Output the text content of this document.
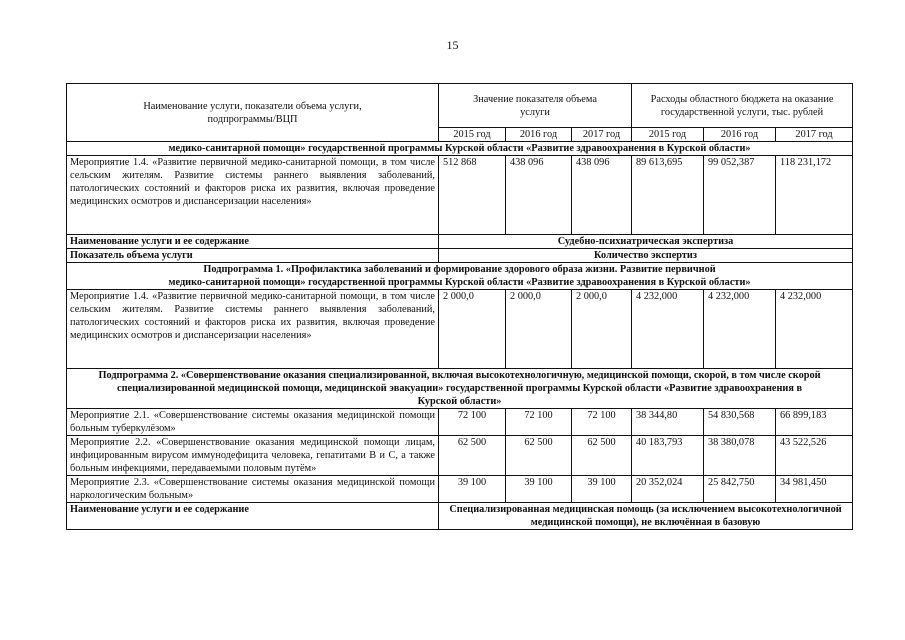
15
Наименование услуги, показатели объема услуги, подпрограммы/ВЦП	Значение показателя объема услуги			Расходы областного бюджета на оказание государственной услуги, тыс. рублей		
	2015 год	2016 год	2017 год	2015 год	2016 год	2017 год
медико-санитарной помощи» государственной программы Курской области «Развитие здравоохранения в Курской области»						
Мероприятие 1.4. «Развитие первичной медико-санитарной помощи, в том числе сельским жителям. Развитие системы раннего выявления заболеваний, патологических состояний и факторов риска их развития, включая проведение медицинских осмотров и диспансеризации населения»	512 868	438 096	438 096	89 613,695	99 052,387	118 231,172
Наименование услуги и ее содержание	Судебно-психиатрическая экспертиза					
Показатель объема услуги	Количество экспертиз					

Подпрограмма 1. «Профилактика заболеваний и формирование здорового образа жизни. Развитие первичной
медико-санитарной помощи» государственной программы Курской области «Развитие здравоохранения в Курской области»						

Мероприятие 1.4. «Развитие первичной медико-санитарной помощи, в том числе сельским жителям. Развитие системы раннего выявления заболеваний, патологических состояний и факторов риска их развития, включая проведение медицинских осмотров и диспансеризации населения»	2 000,0	2 000,0	2 000,0	4 232,000	4 232,000	4 232,000
Подпрограмма 2. «Совершенствование оказания специализированной, включая высокотехнологичную, медицинской помощи, скорой, в том числе скорой специализированной медицинской помощи, медицинской эвакуации» государственной программы Курской области «Развитие здравоохранения в Курской области»						
Мероприятие 2.1. «Совершенствование системы оказания медицинской помощи больным туберкулёзом»	72 100	72 100	72 100	38 344,80	54 830,568	66 899,183
Мероприятие 2.2. «Совершенствование оказания медицинской помощи лицам, инфицированным вирусом иммунодефицита человека, гепатитами B и C, а также больным инфекциями, передаваемыми половым путём»	62 500	62 500	62 500	40 183,793	38 380,078	43 522,526
Мероприятие 2.3. «Совершенствование системы оказания медицинской помощи наркологическим больным»	39 100	39 100	39 100	20 352,024	25 842,750	34 981,450
Наименование услуги и ее содержание	Специализированная медицинская помощь (за исключением высокотехнологичной медицинской помощи), не включённая в базовую					
